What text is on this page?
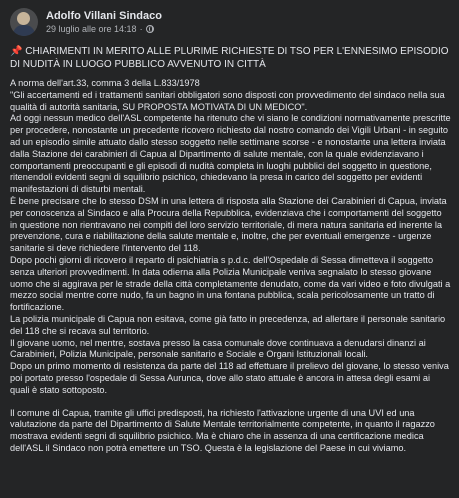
Adolfo Villani Sindaco
29 luglio alle ore 14:18 ·
📌 CHIARIMENTI IN MERITO ALLE PLURIME RICHIESTE DI TSO PER L'ENNESIMO EPISODIO DI NUDITÀ IN LUOGO PUBBLICO AVVENUTO IN CITTÀ

A norma dell'art.33, comma 3 della L.833/1978

"Gli accertamenti ed i trattamenti sanitari obbligatori sono disposti con provvedimento del sindaco nella sua qualità di autorità sanitaria, SU PROPOSTA MOTIVATA DI UN MEDICO".

Ad oggi nessun medico dell'ASL competente ha ritenuto che vi siano le condizioni normativamente prescritte per procedere, nonostante un precedente ricovero richiesto dal nostro comando dei Vigili Urbani - in seguito ad un episodio simile attuato dallo stesso soggetto nelle settimane scorse - e nonostante una lettera inviata dalla Stazione dei carabinieri di Capua al Dipartimento di salute mentale, con la quale evidenziavano i comportamenti preoccupanti e gli episodi di nudità completa in luoghi pubblici del soggetto in questione, ritenendoli evidenti segni di squilibrio psichico, chiedevano la presa in carico del soggetto per evidenti manifestazioni di disturbi mentali.

È bene precisare che lo stesso DSM in una lettera di risposta alla Stazione dei Carabinieri di Capua, inviata per conoscenza al Sindaco e alla Procura della Repubblica, evidenziava che i comportamenti del soggetto in questione non rientravano nei compiti del loro servizio territoriale, di mera natura sanitaria ed inerente la prevenzione, cura e riabilitazione della salute mentale e, inoltre, che per eventuali emergenze - urgenze sanitarie si deve richiedere l'intervento del 118.

Dopo pochi giorni di ricovero il reparto di psichiatria s p.d.c. dell'Ospedale di Sessa dimetteva il soggetto senza ulteriori provvedimenti. In data odierna alla Polizia Municipale veniva segnalato lo stesso giovane uomo che si aggirava per le strade della città completamente denudato, come da vari video e foto divulgati a mezzo social mentre corre nudo, fa un bagno in una fontana pubblica, scala pericolosamente un tratto di fortificazione.

La polizia municipale di Capua non esitava, come già fatto in precedenza, ad allertare il personale sanitario del 118 che si recava sul territorio.

Il giovane uomo, nel mentre, sostava presso la casa comunale dove continuava a denudarsi dinanzi ai Carabinieri, Polizia Municipale, personale sanitario e Sociale e Organi Istituzionali locali.

Dopo un primo momento di resistenza da parte del 118 ad effettuare il prelievo del giovane, lo stesso veniva poi portato presso l'ospedale di Sessa Aurunca, dove allo stato attuale è ancora in attesa degli esami ai quali è stato sottoposto.

Il comune di Capua, tramite gli uffici predisposti, ha richiesto l'attivazione urgente di una UVI ed una valutazione da parte del Dipartimento di Salute Mentale territorialmente competente, in quanto il ragazzo mostrava evidenti segni di squilibrio psichico. Ma è chiaro che in assenza di una certificazione medica dell'ASL il Sindaco non potrà emettere un TSO. Questa è la legislazione del Paese in cui viviamo.
